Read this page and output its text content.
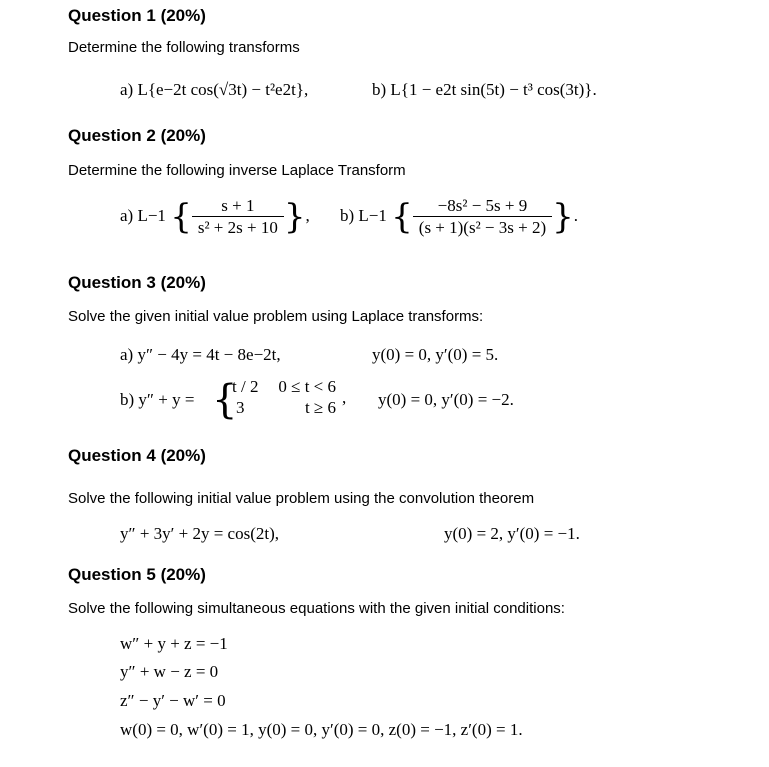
Question 1 (20%)
Determine the following transforms
a) L{e−2t cos(√3t) − t²e2t},	b) L{1 − e2t sin(5t) − t³ cos(3t)}.
Question 2 (20%)
Determine the following inverse Laplace Transform
a) L−1 { $\frac{s + 1}{\text{s² + 2s + 10}}$ }, b) L−1 { $\frac{\text{−8s² − 5s + 9}}{\text{(s + 1)(s² − 3s + 2)}}$ }.
Question 3 (20%)
Solve the given initial value problem using Laplace transforms:
a) y″ − 4y = 4t − 8e−2t,	y(0) = 0, y′(0) = 5.
b) y″ + y = {
t / 2
3
0 ≤ t < 6
t ≥ 6
, y(0) = 0, y′(0) = −2.
Question 4 (20%)
Solve the following initial value problem using the convolution theorem
y″ + 3y′ + 2y = cos(2t),	y(0) = 2, y′(0) = −1.
Question 5 (20%)
Solve the following simultaneous equations with the given initial conditions:
w″ + y + z = −1
y″ + w − z = 0
z″ − y′ − w′ = 0
w(0) = 0, w′(0) = 1, y(0) = 0, y′(0) = 0, z(0) = −1, z′(0) = 1.
